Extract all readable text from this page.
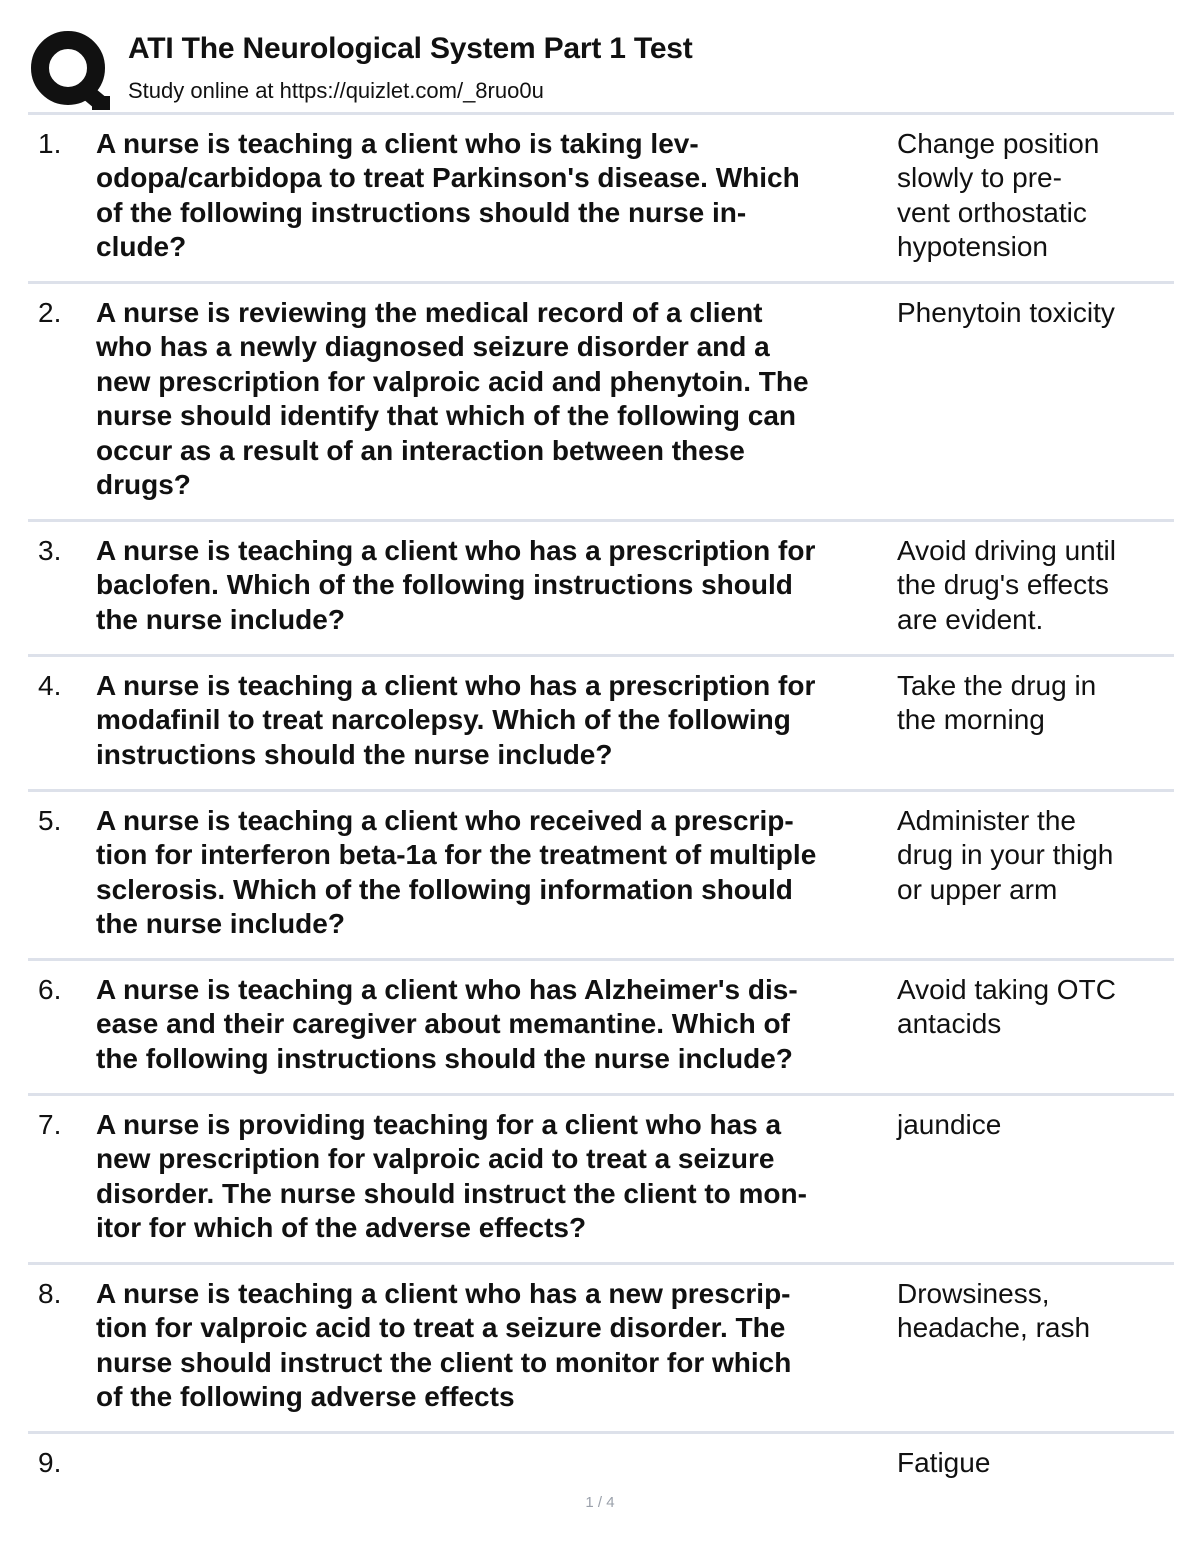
ATI The Neurological System Part 1 Test
Study online at https://quizlet.com/_8ruo0u
1. A nurse is teaching a client who is taking lev-
odopa/carbidopa to treat Parkinson's disease. Which
of the following instructions should the nurse in-
clude?
Change position
slowly to pre-
vent orthostatic
hypotension
2. A nurse is reviewing the medical record of a client
who has a newly diagnosed seizure disorder and a
new prescription for valproic acid and phenytoin. The
nurse should identify that which of the following can
occur as a result of an interaction between these
drugs?
Phenytoin toxicity
3. A nurse is teaching a client who has a prescription for
baclofen. Which of the following instructions should
the nurse include?
Avoid driving until
the drug's effects
are evident.
4. A nurse is teaching a client who has a prescription for
modafinil to treat narcolepsy. Which of the following
instructions should the nurse include?
Take the drug in
the morning
5. A nurse is teaching a client who received a prescrip-
tion for interferon beta-1a for the treatment of multiple
sclerosis. Which of the following information should
the nurse include?
Administer the
drug in your thigh
or upper arm
6. A nurse is teaching a client who has Alzheimer's dis-
ease and their caregiver about memantine. Which of
the following instructions should the nurse include?
Avoid taking OTC
antacids
7. A nurse is providing teaching for a client who has a
new prescription for valproic acid to treat a seizure
disorder. The nurse should instruct the client to mon-
itor for which of the adverse effects?
jaundice
8. A nurse is teaching a client who has a new prescrip-
tion for valproic acid to treat a seizure disorder. The
nurse should instruct the client to monitor for which
of the following adverse effects
Drowsiness,
headache, rash
9.	Fatigue
1 / 4
